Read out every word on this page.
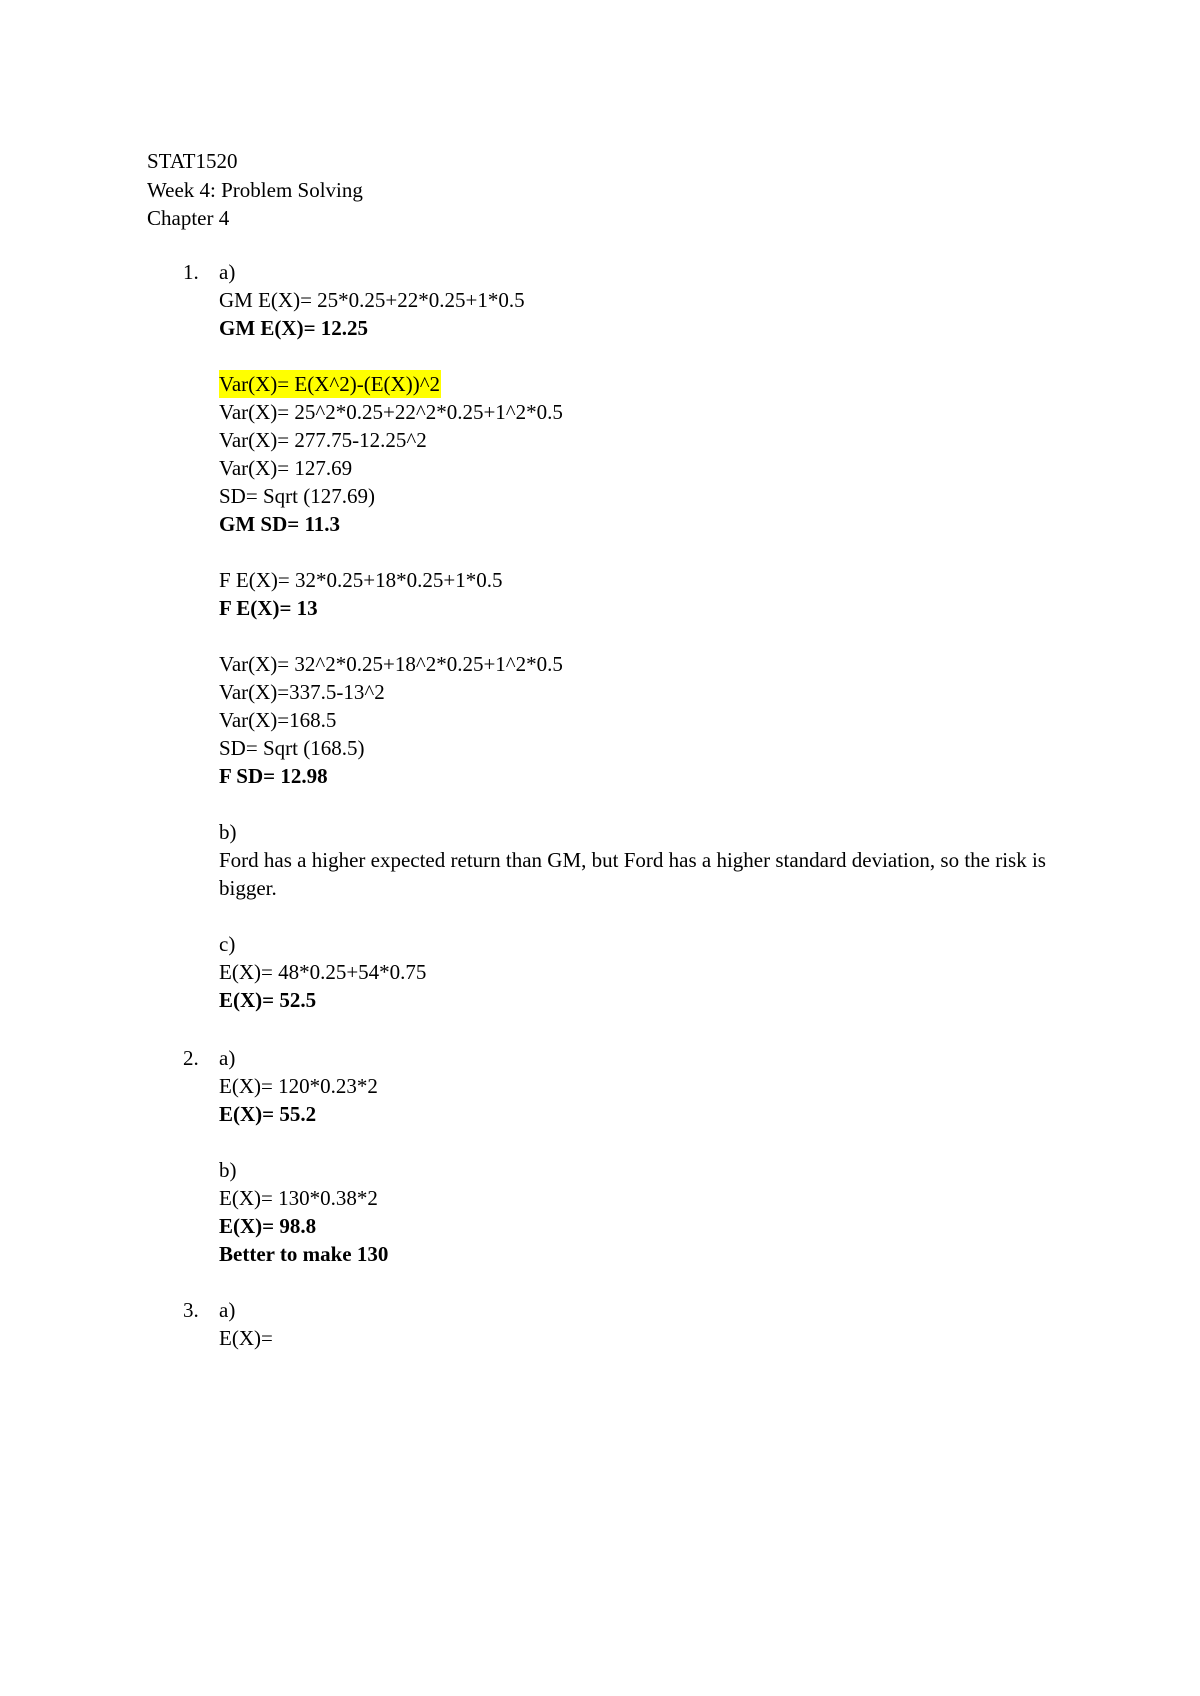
STAT1520
Week 4: Problem Solving
Chapter 4
1. a)
GM E(X)= 25*0.25+22*0.25+1*0.5
GM E(X)= 12.25
Var(X)= E(X^2)-(E(X))^2
Var(X)= 25^2*0.25+22^2*0.25+1^2*0.5
Var(X)= 277.75-12.25^2
Var(X)= 127.69
SD= Sqrt (127.69)
GM SD= 11.3
F E(X)= 32*0.25+18*0.25+1*0.5
F E(X)= 13
Var(X)= 32^2*0.25+18^2*0.25+1^2*0.5
Var(X)=337.5-13^2
Var(X)=168.5
SD= Sqrt (168.5)
F SD= 12.98
b)
Ford has a higher expected return than GM, but Ford has a higher standard deviation, so the risk is bigger.
c)
E(X)= 48*0.25+54*0.75
E(X)= 52.5
2. a)
E(X)= 120*0.23*2
E(X)= 55.2
b)
E(X)= 130*0.38*2
E(X)= 98.8
Better to make 130
3. a)
E(X)=
